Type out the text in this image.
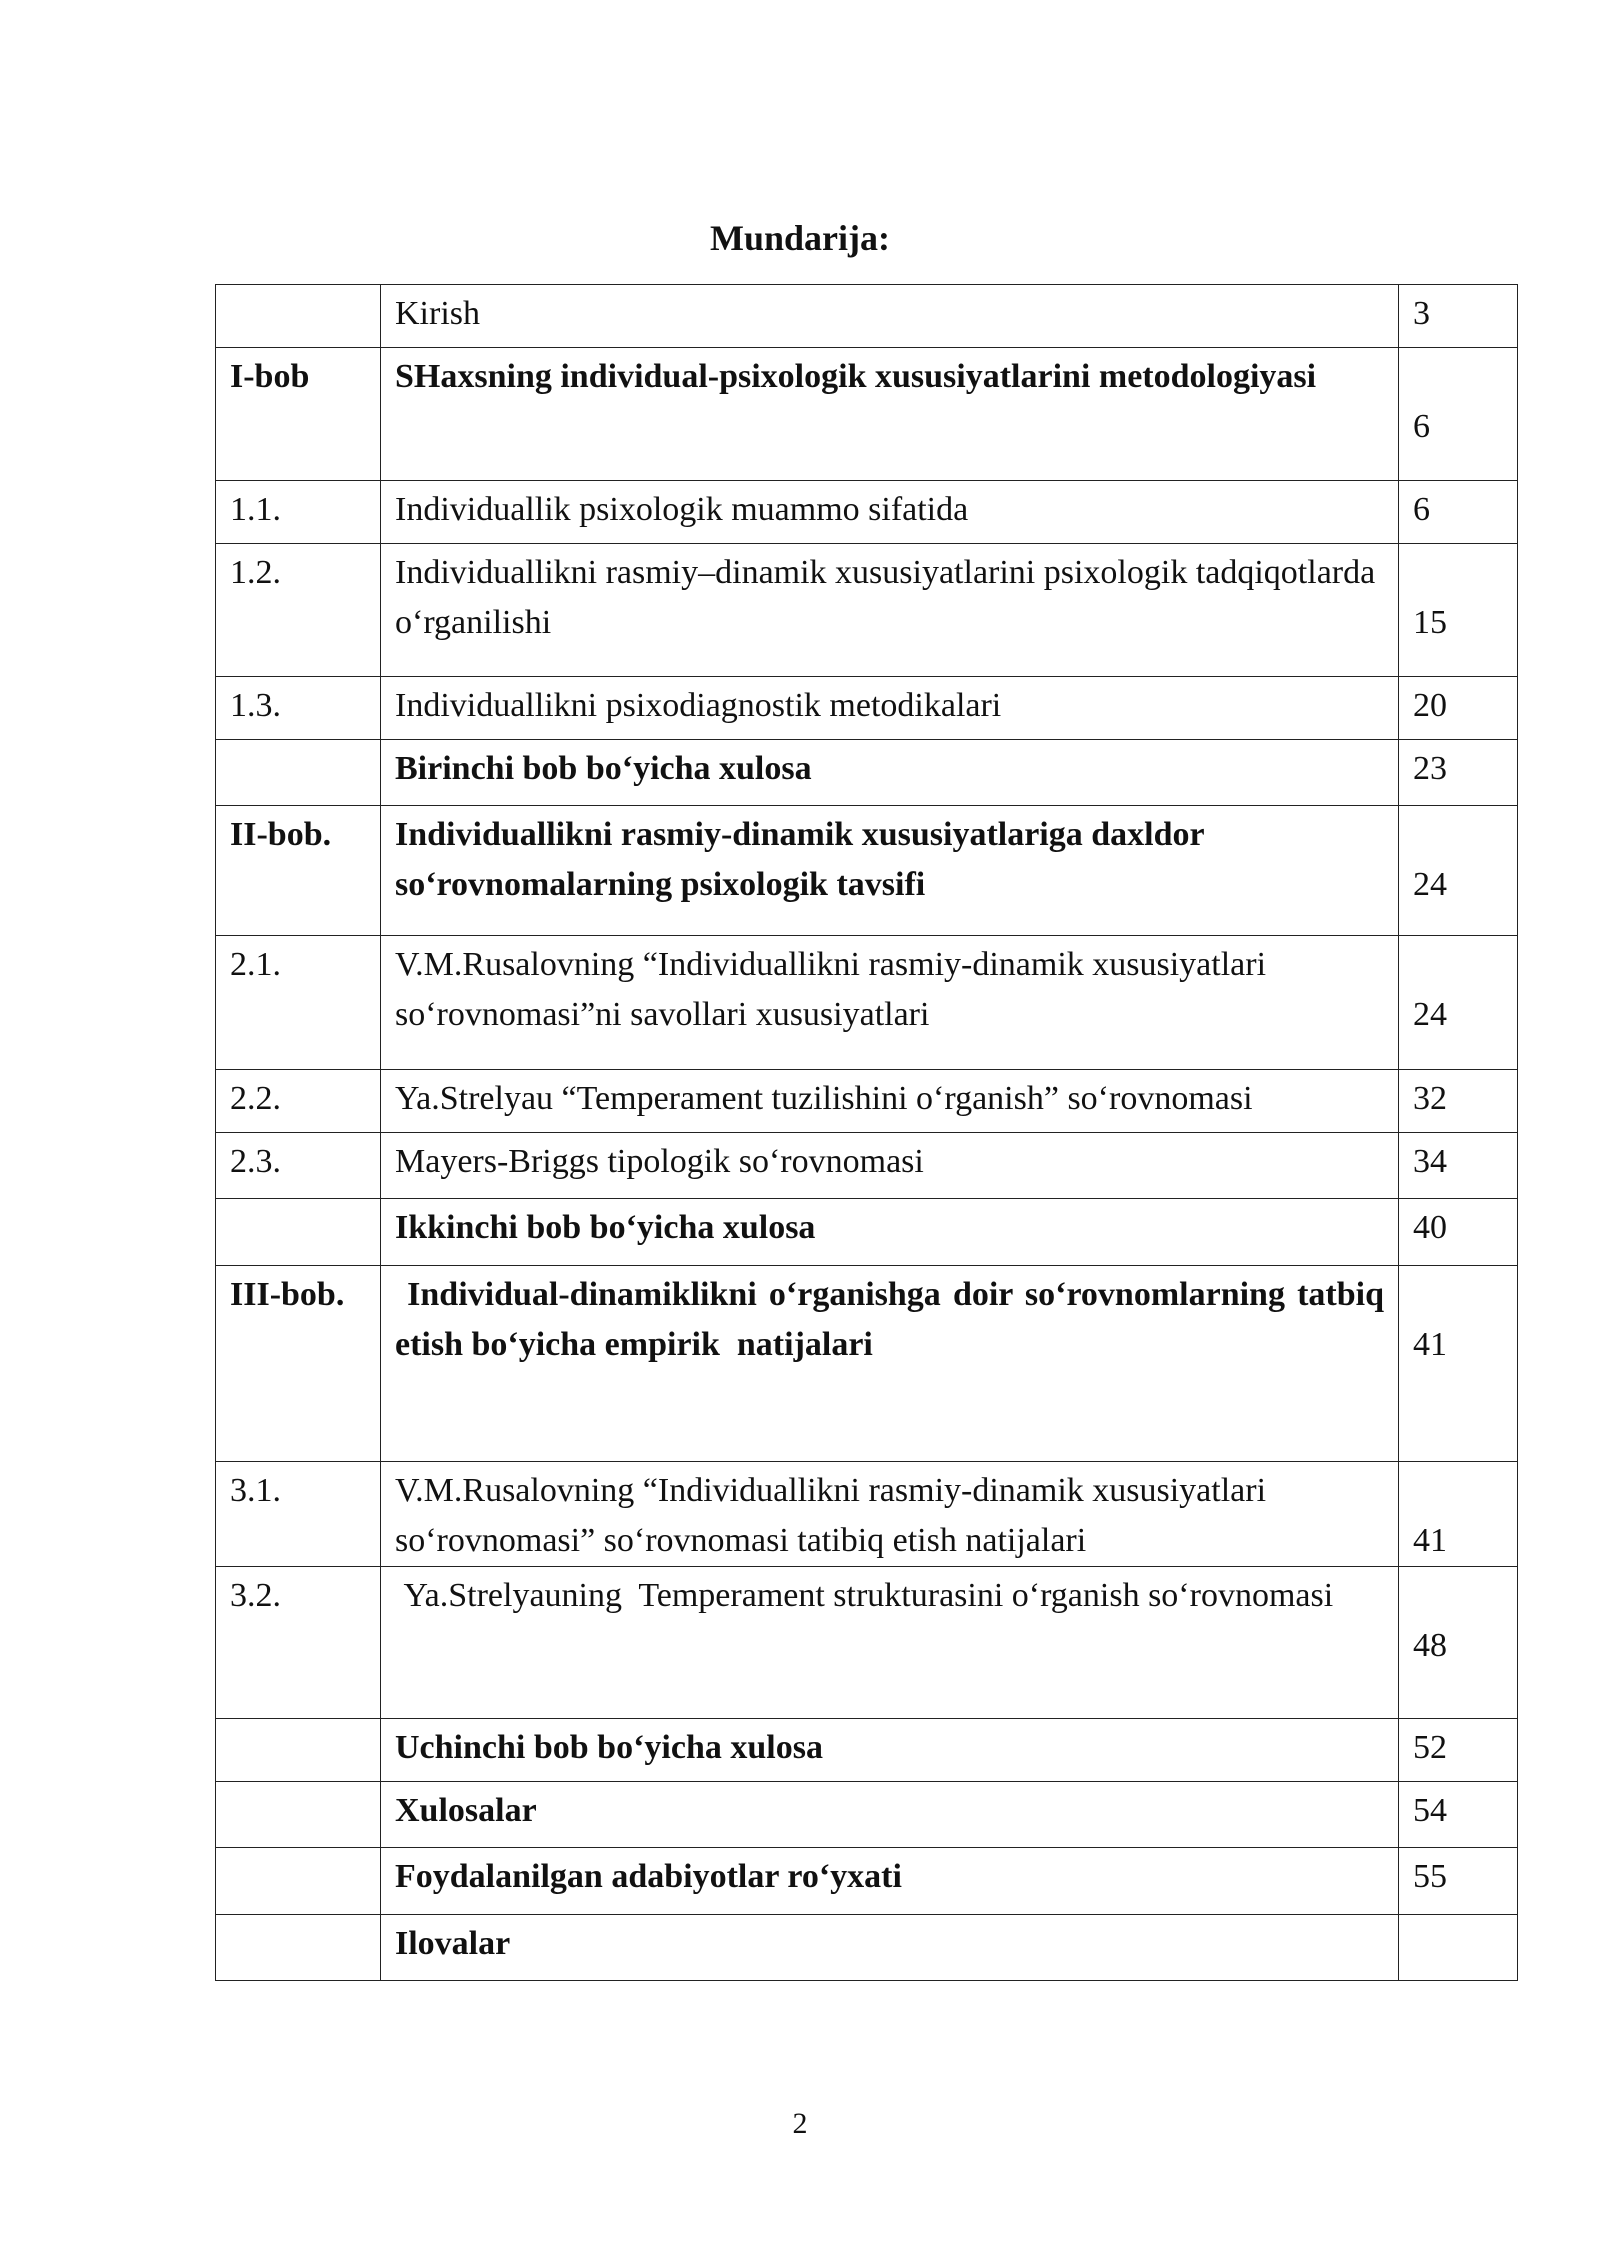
Mundarija:
	Kirish	3
I-bob	SHaxsning individual-psixologik xususiyatlarini metodologiyasi	6

1.1.	Individuallik psixologik muammo sifatida	6
1.2.	Individuallikni rasmiy–dinamik xususiyatlarini psixologik tadqiqotlarda o‘rganilishi	15

1.3.	Individuallikni psixodiagnostik metodikalari	20
	Birinchi bob bo‘yicha xulosa	23
II-bob.	Individuallikni rasmiy-dinamik xususiyatlariga daxldor so‘rovnomalarning psixologik tavsifi	24

2.1.	V.M.Rusalovning “Individuallikni rasmiy-dinamik xususiyatlari so‘rovnomasi”ni savollari xususiyatlari	24

2.2.	Ya.Strelyau “Temperament tuzilishini o‘rganish” so‘rovnomasi	32
2.3.	Mayers-Briggs tipologik so‘rovnomasi	34
	Ikkinchi bob bo‘yicha xulosa	40
III-bob.	Individual-dinamiklikni o‘rganishga doir so‘rovnomlarning tatbiq etish bo‘yicha empirik  natijalari	41

3.1.	V.M.Rusalovning “Individuallikni rasmiy-dinamik xususiyatlari so‘rovnomasi” so‘rovnomasi tatibiq etish natijalari	41

3.2.	Ya.Strelyauning  Temperament strukturasini o‘rganish so‘rovnomasi	48

	Uchinchi bob bo‘yicha xulosa	52
	Xulosalar	54
	Foydalanilgan adabiyotlar ro‘yxati	55
	Ilovalar	
2
